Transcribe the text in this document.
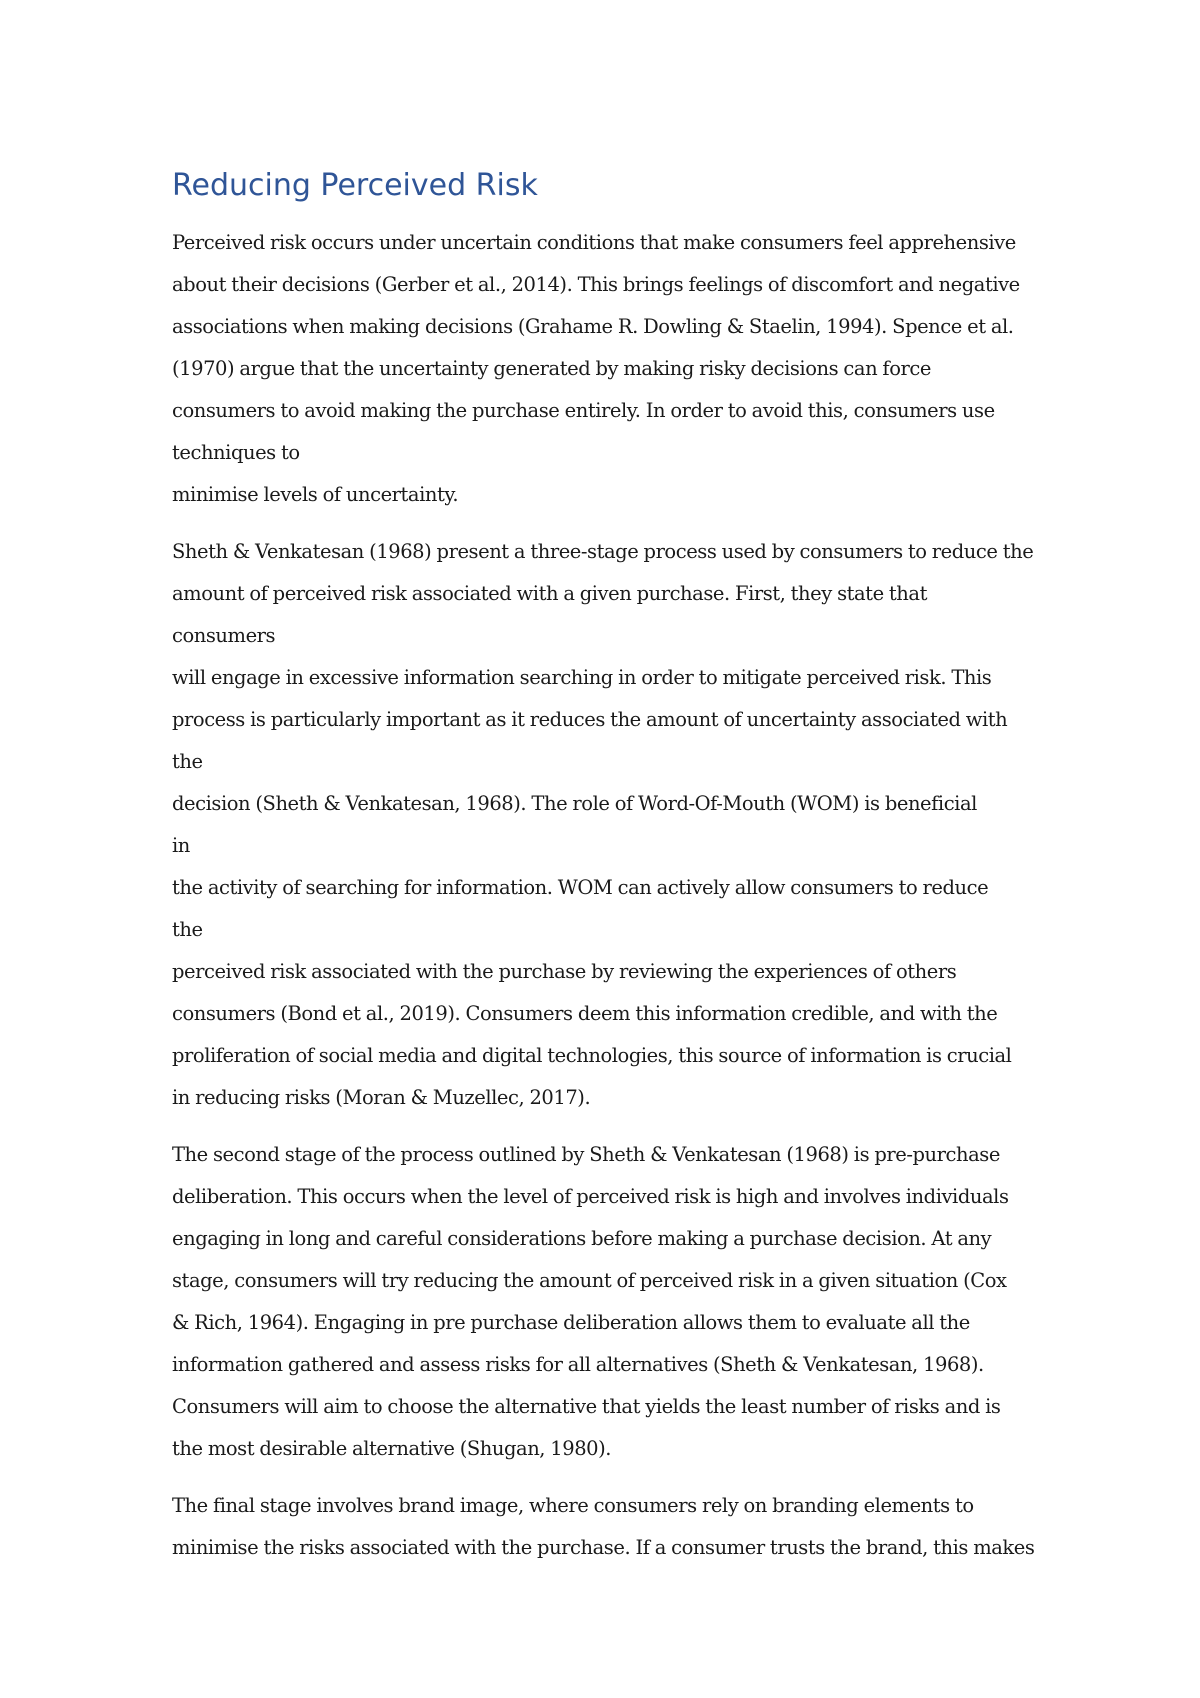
Reducing Perceived Risk
Perceived risk occurs under uncertain conditions that make consumers feel apprehensive
about their decisions (Gerber et al., 2014). This brings feelings of discomfort and negative
associations when making decisions (Grahame R. Dowling & Staelin, 1994). Spence et al.
(1970) argue that the uncertainty generated by making risky decisions can force
consumers to avoid making the purchase entirely. In order to avoid this, consumers use
techniques to
minimise levels of uncertainty.
Sheth & Venkatesan (1968) present a three-stage process used by consumers to reduce the
amount of perceived risk associated with a given purchase. First, they state that
consumers
will engage in excessive information searching in order to mitigate perceived risk. This
process is particularly important as it reduces the amount of uncertainty associated with
the
decision (Sheth & Venkatesan, 1968). The role of Word-Of-Mouth (WOM) is beneficial
in
the activity of searching for information. WOM can actively allow consumers to reduce
the
perceived risk associated with the purchase by reviewing the experiences of others
consumers (Bond et al., 2019). Consumers deem this information credible, and with the
proliferation of social media and digital technologies, this source of information is crucial
in reducing risks (Moran & Muzellec, 2017).
The second stage of the process outlined by Sheth & Venkatesan (1968) is pre-purchase
deliberation. This occurs when the level of perceived risk is high and involves individuals
engaging in long and careful considerations before making a purchase decision. At any
stage, consumers will try reducing the amount of perceived risk in a given situation (Cox
& Rich, 1964). Engaging in pre purchase deliberation allows them to evaluate all the
information gathered and assess risks for all alternatives (Sheth & Venkatesan, 1968).
Consumers will aim to choose the alternative that yields the least number of risks and is
the most desirable alternative (Shugan, 1980).
The final stage involves brand image, where consumers rely on branding elements to
minimise the risks associated with the purchase. If a consumer trusts the brand, this makes
